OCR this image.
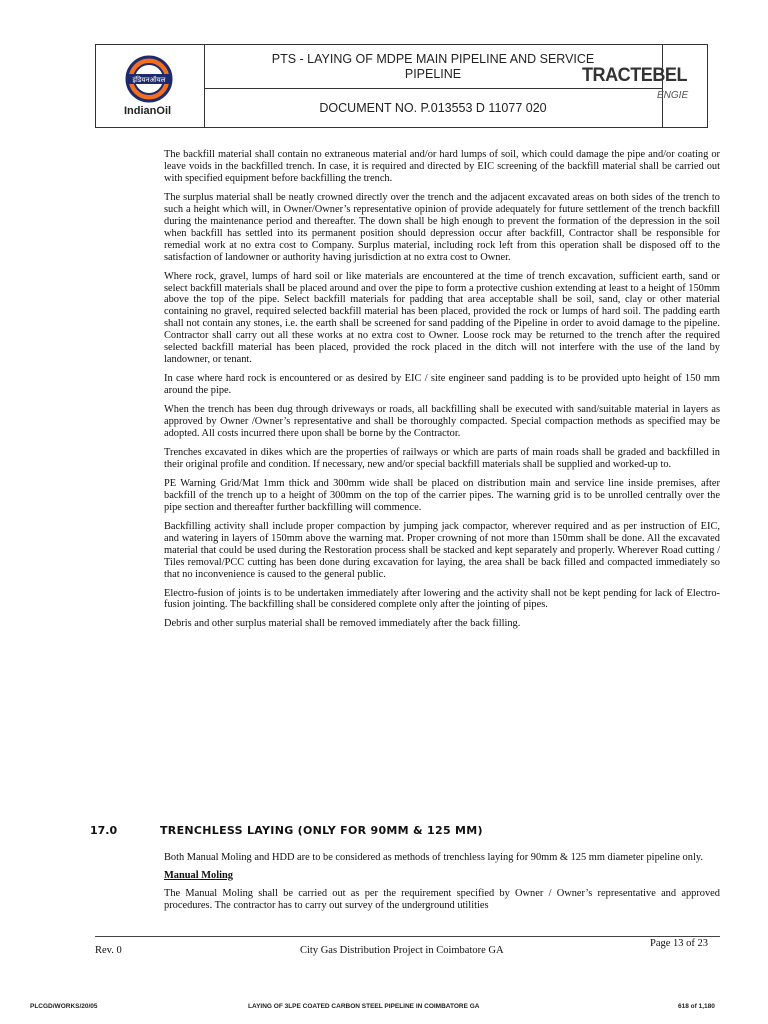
इंडियनऑयल
PTS - LAYING OF MDPE MAIN PIPELINE AND SERVICE PIPELINE
DOCUMENT NO. P.013553 D 11077 020
IndianOil
TRACTEBEL
ENGIE

The backfill material shall contain no extraneous material and/or hard lumps of soil, which could damage the pipe and/or coating or leave voids in the backfilled trench. In case, it is required and directed by EIC screening of the backfill material shall be carried out with specified equipment before backfilling the trench.

The surplus material shall be neatly crowned directly over the trench and the adjacent excavated areas on both sides of the trench to such a height which will, in Owner/Owner’s representative opinion of provide adequately for future settlement of the trench backfill during the maintenance period and thereafter. The down shall be high enough to prevent the formation of the depression in the soil when backfill has settled into its permanent position should depression occur after backfill, Contractor shall be responsible for remedial work at no extra cost to Company. Surplus material, including rock left from this operation shall be disposed off to the satisfaction of landowner or authority having jurisdiction at no extra cost to Owner.

Where rock, gravel, lumps of hard soil or like materials are encountered at the time of trench excavation, sufficient earth, sand or select backfill materials shall be placed around and over the pipe to form a protective cushion extending at least to a height of 150mm above the top of the pipe. Select backfill materials for padding that area acceptable shall be soil, sand, clay or other material containing no gravel, required selected backfill material has been placed, provided the rock or lumps of hard soil. The padding earth shall not contain any stones, i.e. the earth shall be screened for sand padding of the Pipeline in order to avoid damage to the pipeline. Contractor shall carry out all these works at no extra cost to Owner. Loose rock may be returned to the trench after the required selected backfill material has been placed, provided the rock placed in the ditch will not interfere with the use of the land by landowner, or tenant.

In case where hard rock is encountered or as desired by EIC / site engineer sand padding is to be provided upto height of 150 mm around the pipe.

When the trench has been dug through driveways or roads, all backfilling shall be executed with sand/suitable material in layers as approved by Owner /Owner’s representative and shall be thoroughly compacted. Special compaction methods as specified may be adopted. All costs incurred there upon shall be borne by the Contractor.

Trenches excavated in dikes which are the properties of railways or which are parts of main roads shall be graded and backfilled in their original profile and condition. If necessary, new and/or special backfill materials shall be supplied and worked-up to.

PE Warning Grid/Mat 1mm thick and 300mm wide shall be placed on distribution main and service line inside premises, after backfill of the trench up to a height of 300mm on the top of the carrier pipes. The warning grid is to be unrolled centrally over the pipe section and thereafter further backfilling will commence.

Backfilling activity shall include proper compaction by jumping jack compactor, wherever required and as per instruction of EIC, and watering in layers of 150mm above the warning mat. Proper crowning of not more than 150mm shall be done. All the excavated material that could be used during the Restoration process shall be stacked and kept separately and properly. Wherever Road cutting / Tiles removal/PCC cutting has been done during excavation for laying, the area shall be back filled and compacted immediately so that no inconvenience is caused to the general public.

Electro-fusion of joints is to be undertaken immediately after lowering and the activity shall not be kept pending for lack of Electro-fusion jointing. The backfilling shall be considered complete only after the jointing of pipes.

Debris and other surplus material shall be removed immediately after the back filling.

17.0	TRENCHLESS LAYING (ONLY FOR 90MM & 125 MM)

Both Manual Moling and HDD are to be considered as methods of trenchless laying for 90mm & 125 mm diameter pipeline only.

Manual Moling

The Manual Moling shall be carried out as per the requirement specified by Owner / Owner’s representative and approved procedures. The contractor has to carry out survey of the underground utilities

Rev. 0	City Gas Distribution Project in Coimbatore GA
Page 13 of 23
PLCGD/WORKS/20/05	LAYING OF 3LPE COATED CARBON STEEL PIPELINE IN COIMBATORE GA	618 of 1,180
